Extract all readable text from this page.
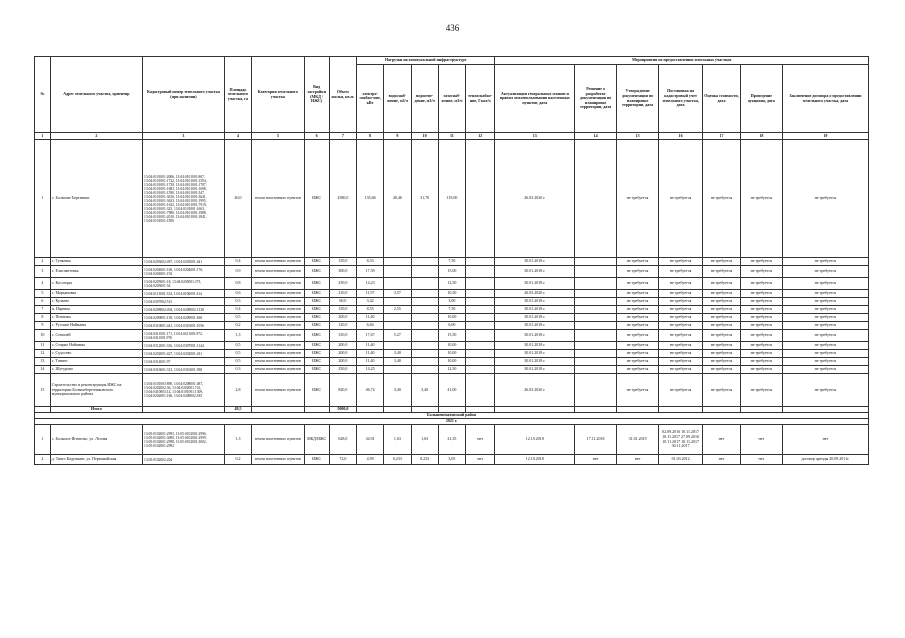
436
№	Адрес земельного участка, ориентир	Кадастровый номер земельного участка (при наличии)	Площадь земельного участка, га	Категория земельного участка	Вид застройки (МКД / ИЖС)	Объем жилья, кв.м.	Нагрузки на коммунальной инфраструктуре					Мероприятия по предоставлению земельных участков						
							электро-снабже-ние, кВт	водоснаб-жение, м3/ч	водоотве-дение, м3/ч	газоснаб-жение, м3/ч	теплоснабже-ние, Гкал/ч	Актуализация генеральных планов и правил землепользования населенных пунктов, дата	Решение о разработке документации по планировке территории, дата	Утверждение документации по планировке территории, дата	Постановка на кадастровый учет земельного участка, дата	Оценка стоимости, дата	Проведение аукциона, дата	Заключение договора о предоставлении земельного участка, дата
1	2	3	4	5	6	7	8	9	10	11	12	13	14	15	16	17	18	19
1	с. Большие Березники	13:04:0101001:2006, 13:04:0101001:867, 13:04:0101001:1722, 13:04:0101001:1594, 13:04:0101001:1739, 13:04:0101001:1707, 13:04:0101001:1683, 13:04:0101001:1698, 13:04:0101001:1590, 13:04:0101001:547, 13:04:0101001:3616, 13:04:0101001:3641, 13:04:0101001:3633, 13:04:0101001:1995, 13:04:0101001:1632, 13:04:0101001:7919, 13:04:0101001:325, 13:04:0101001:1663, 13:04:0101001:7980, 13:04:0101001:1988, 13:04:0101001:2010, 13:04:0101001:1841, 13:04:0101001:1856	40,0	земли населенных пунктов	ИЖС	2580,0	135,66	40,46	31,70	119,00		26.03.2020 г.		не требуется	не требуется	не требуется	не требуется	не требуется
2	с. Гуляевка	13:04:0203002:487, 13:04:0203001:441	0,4	земли населенных пунктов	ИЖС	150,0	8,33			7,50		30.01.2018 г.		не требуется	не требуется	не требуется	не требуется	не требуется
3	с. Елисаветовка	13:04:0204001:169, 13:04:0204001:176, 13:04:0204001:192	0,9	земли населенных пунктов	ИЖС	300,0	17,39			15,00		30.01.2018 г.		не требуется	не требуется	не требуется	не требуется	не требуется
4	с. Косогоры	13:04:0205001:18, 13:04:0205001:373, 13:04:0205001:54	0,8	земли населенных пунктов	ИЖС	250,0	14,23			12,50		30.01.2018 г.		не требуется	не требуется	не требуется	не требуется	не требуется
5	с. Марьяновка	13:04:0113001:334, 13:04:0106001:414	0,6	земли населенных пунктов	ИЖС	210,0	11,97	3,57		10,50		26.03.2020 г.		не требуется	не требуется	не требуется	не требуется	не требуется
6	с. Кулаево	13:04:0307002:515	0,3	земли населенных пунктов	ИЖС	60,0	3,42			3,00		30.01.2018 г.		не требуется	не требуется	не требуется	не требуется	не требуется
7	п. Паревка	13:04:0208002:494, 13:04:0208002:1338	0,4	земли населенных пунктов	ИЖС	150,0	8,55	2,55		7,50		30.01.2018 г.		не требуется	не требуется	не требуется	не требуется	не требуется
8	с. Починки	13:04:0209001:139, 13:04:0209001:638	0,5	земли населенных пунктов	ИЖС	200,0	11,40			10,00		30.01.2018 г.		не требуется	не требуется	не требуется	не требуется	не требуется
9	с. Русские Найманы	13:04:0310001:441, 13:04:0310001:1056	0,2	земли населенных пунктов	ИЖС	120,0	6,84			6,00		30.01.2018 г.		не требуется	не требуется	не требуется	не требуется	не требуется
10	с. Семилей	13:04:0411001:171, 13:04:0411001:972, 13:04:0411001:976	1,3	земли населенных пунктов	ИЖС	310,0	17,67	5,27		15,50		30.01.2018 г.		не требуется	не требуется	не требуется	не требуется	не требуется
11	с. Старые Найманы	13:04:0312001:316, 13:04:0307001:1144	0,5	земли населенных пунктов	ИЖС	200,0	11,40			10,00		30.01.2018 г.		не требуется	не требуется	не требуется	не требуется	не требуется
12	с. Судосево	13:04:0202001:427, 13:04:0202001:431	0,5	земли населенных пунктов	ИЖС	200,0	11,40	3,40		10,00		30.01.2018 г.		не требуется	не требуется	не требуется	не требуется	не требуется
13	с. Татино	13:04:0314001:97	0,5	земли населенных пунктов	ИЖС	200,0	11,40	3,40		10,00		30.01.2018 г.		не требуется	не требуется	не требуется	не требуется	не требуется
14	с. Шугурово	13:04:0316001:313, 13:04:0316001:938	0,3	земли населенных пунктов	ИЖС	250,0	14,25			12,50		30.01.2018 г.		не требуется	не требуется	не требуется	не требуется	не требуется
15	Строительство и реконструкция ИЖС на территории Большеберезниковского муниципального района	13:04:0101003:890, 13:04:0208001:487, 13:04:0202002:36, 13:04:0202001:741, 13:04:0410003:14, 13:04:0101001:1309, 13:04:0202001:166, 13:04:0208002:185	2,8	земли населенных пунктов	ИЖС	820,0	46,74	3,40	3,40	41,00		26.03.2020 г.		не требуется	не требуется	не требуется	не требуется	не требуется
	Итого		49,5			5000,0												
Большеигнатовский район																		
2021 г.																		
1	с. Большое Игнатово, ул. Лесная	13:05:0102001:2993, 13:05:0102001:2996, 13:05:0102001:3000, 13:05:0102001:2999, 13:05:0102001:2998, 13:05:0102001:3002, 13:05:0102001:2992	1,3	земли населенных пунктов	МКД/ИЖС	628,0	34,91	1,63	1,63	21,35	нет	12.10.2018	17.11.2018	31.01.2019	02.09.2016 10.11.2017 10.11.2017 27.09.2016 10.11.2017 10.11.2017 30.11.2017	нет	нет	нет
2	д. Тияго Кадушкин, ул. Первомайская	13:05:0102002:204	0,2	земли населенных пунктов	ИЖС	72,0	4,99	0,233	0,233	3,05	нет	12.10.2018	нет	нет	01.03.2012	нет	нет	договор аренды 20.09.2011г.
